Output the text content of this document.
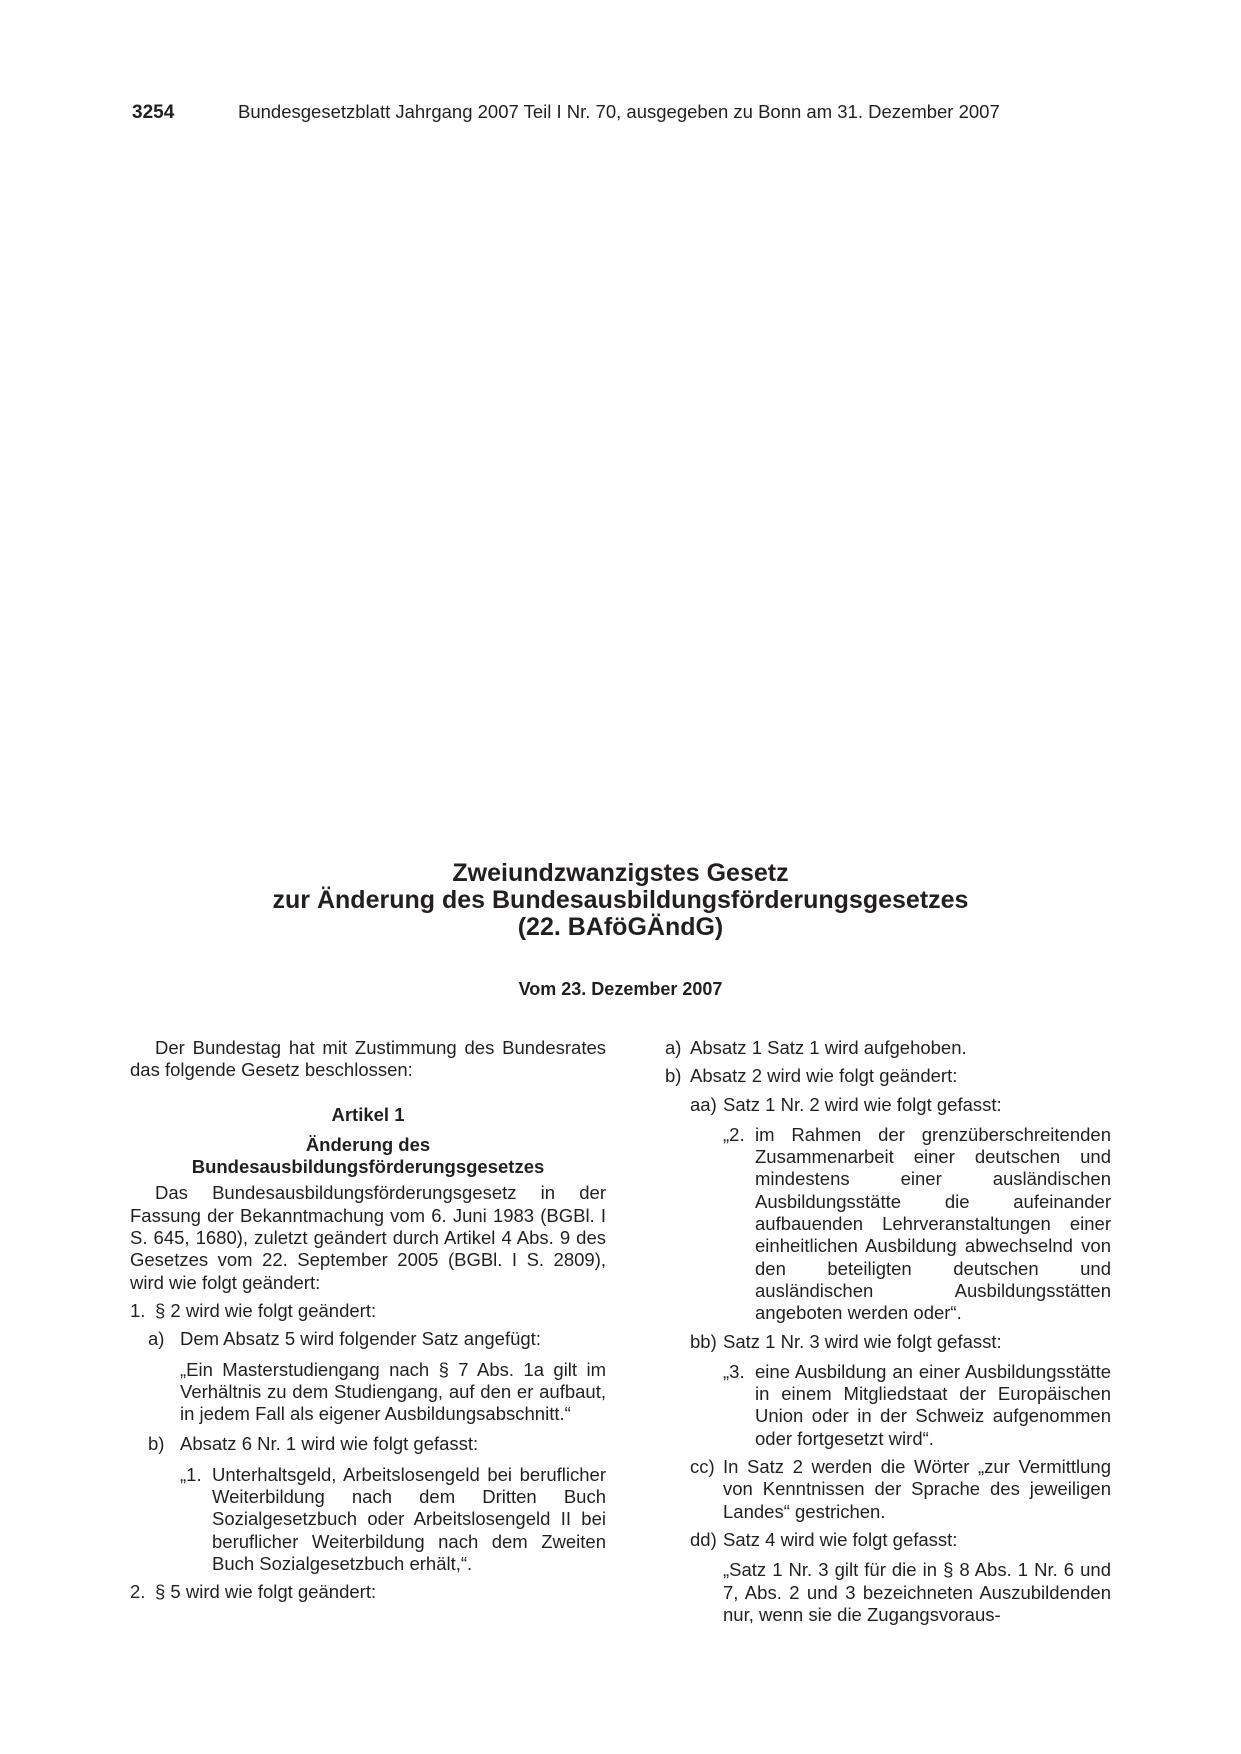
3254	Bundesgesetzblatt Jahrgang 2007 Teil I Nr. 70, ausgegeben zu Bonn am 31. Dezember 2007

Zweiundzwanzigstes Gesetz

zur Änderung des Bundesausbildungsförderungsgesetzes

(22. BAföGÄndG)

Vom 23. Dezember 2007

Der Bundestag hat mit Zustimmung des Bundesrates das folgende Gesetz beschlossen:

Artikel 1

Änderung des

Bundesausbildungsförderungsgesetzes

Das Bundesausbildungsförderungsgesetz in der Fassung der Bekanntmachung vom 6. Juni 1983 (BGBl. I S. 645, 1680), zuletzt geändert durch Artikel 4 Abs. 9 des Gesetzes vom 22. September 2005 (BGBl. I S. 2809), wird wie folgt geändert:

1. § 2 wird wie folgt geändert:

a) Dem Absatz 5 wird folgender Satz angefügt:

„Ein Masterstudiengang nach § 7 Abs. 1a gilt im Verhältnis zu dem Studiengang, auf den er aufbaut, in jedem Fall als eigener Ausbildungsabschnitt.“

b) Absatz 6 Nr. 1 wird wie folgt gefasst:

„1. Unterhaltsgeld, Arbeitslosengeld bei beruflicher Weiterbildung nach dem Dritten Buch Sozialgesetzbuch oder Arbeitslosengeld II bei beruflicher Weiterbildung nach dem Zweiten Buch Sozialgesetzbuch erhält,“.

2. § 5 wird wie folgt geändert:

a) Absatz 1 Satz 1 wird aufgehoben.

b) Absatz 2 wird wie folgt geändert:

aa) Satz 1 Nr. 2 wird wie folgt gefasst:

„2. im Rahmen der grenzüberschreitenden Zusammenarbeit einer deutschen und mindestens einer ausländischen Ausbildungsstätte die aufeinander aufbauenden Lehrveranstaltungen einer einheitlichen Ausbildung abwechselnd von den beteiligten deutschen und ausländischen Ausbildungsstätten angeboten werden oder“.

bb) Satz 1 Nr. 3 wird wie folgt gefasst:

„3. eine Ausbildung an einer Ausbildungsstätte in einem Mitgliedstaat der Europäischen Union oder in der Schweiz aufgenommen oder fortgesetzt wird“.

cc) In Satz 2 werden die Wörter „zur Vermittlung von Kenntnissen der Sprache des jeweiligen Landes“ gestrichen.

dd) Satz 4 wird wie folgt gefasst:

„Satz 1 Nr. 3 gilt für die in § 8 Abs. 1 Nr. 6 und 7, Abs. 2 und 3 bezeichneten Auszubildenden nur, wenn sie die Zugangsvoraus-
